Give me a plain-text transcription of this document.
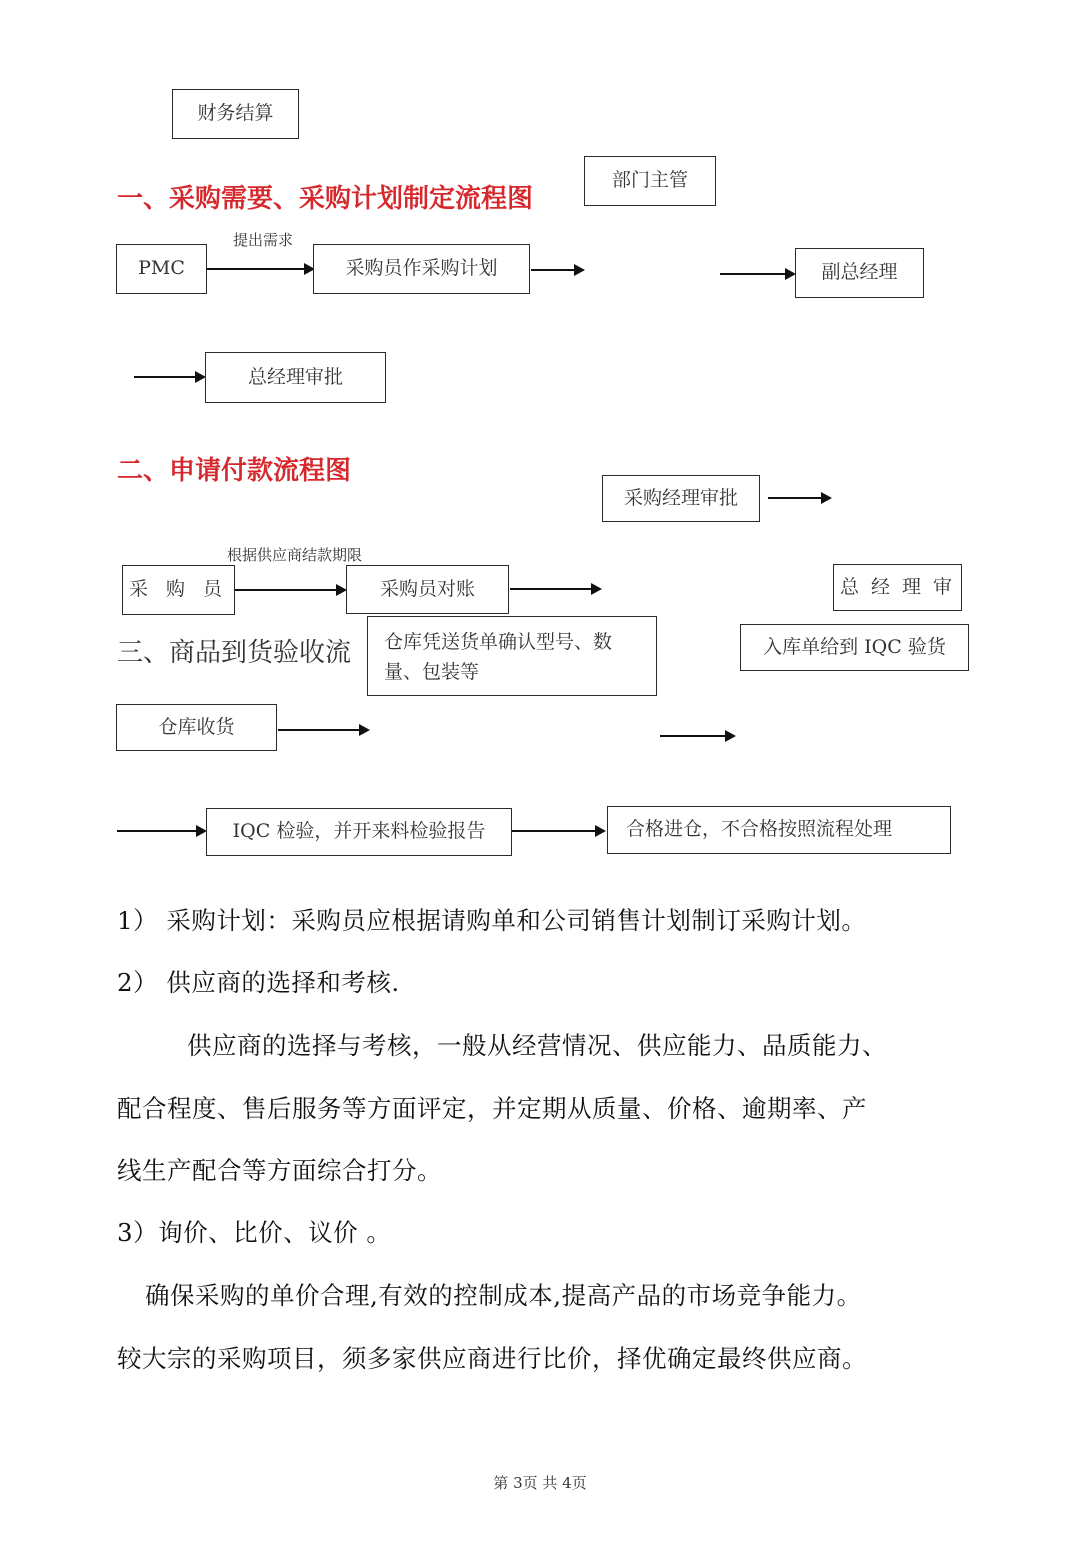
财务结算
部门主管
一、采购需要、采购计划制定流程图
PMC
提出需求
采购员作采购计划	副总经理
总经理审批
二、申请付款流程图
采购经理审批
根据供应商结款期限
采 购 员	采购员对账	总 经 理 审
三、商品到货验收流	仓库凭送货单确认型号、数量、包装等
入库单给到 IQC 验货
仓库收货
IQC 检验，并开来料检验报告	合格进仓，不合格按照流程处理
1） 采购计划：采购员应根据请购单和公司销售计划制订采购计划。
2） 供应商的选择和考核.
供应商的选择与考核，一般从经营情况、供应能力、品质能力、
配合程度、售后服务等方面评定，并定期从质量、价格、逾期率、产
线生产配合等方面综合打分。
3）询价、比价、议价 。
确保采购的单价合理,有效的控制成本,提高产品的市场竞争能力。
较大宗的采购项目，须多家供应商进行比价，择优确定最终供应商。
第 3页 共 4页
